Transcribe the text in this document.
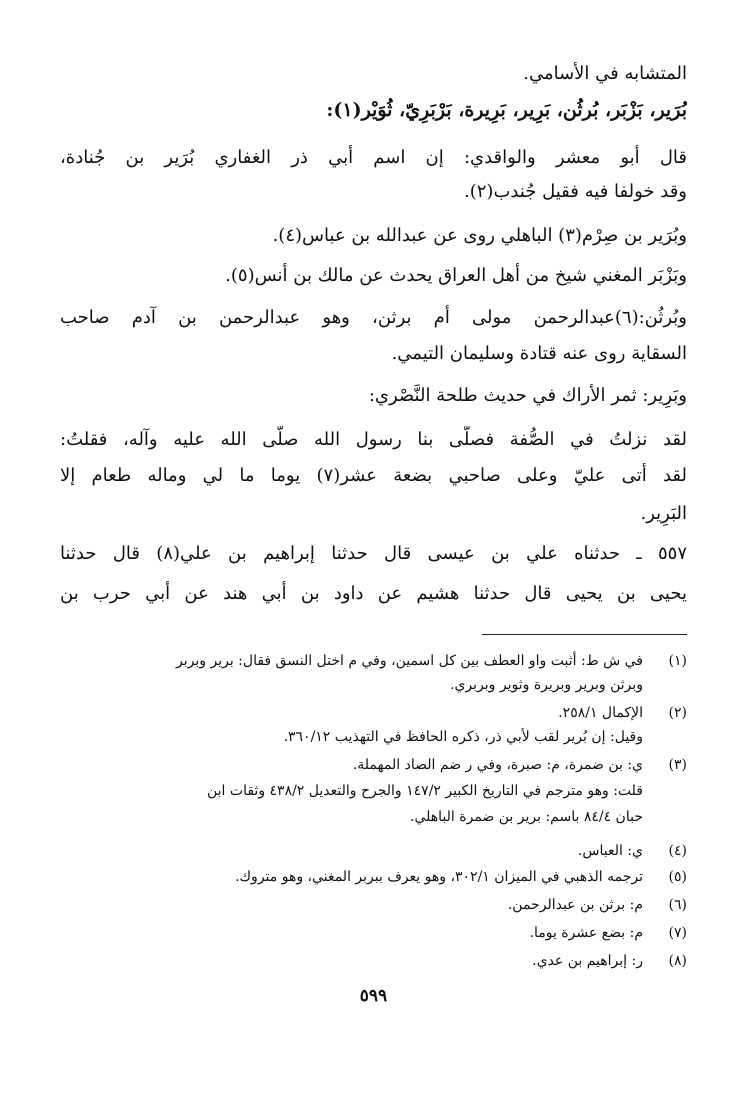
المتشابه في الأسامي.
بُرَير، بَزْبَر، بُرثُن، بَرِير، بَرِيرة، بَرْبَرِيّ، ثُوَيْر(١):
قال أبو معشر والواقدي: إن اسم أبي ذر الغفاري بُرَير بن جُنادة،
وقد خولفا فيه فقيل جُندب(٢).
وبُرَير بن صِرْم(٣) الباهلي روى عن عبدالله بن عباس(٤).
وبَزْبَر المغني شيخ من أهل العراق يحدث عن مالك بن أنس(٥).
وبُرثُن:(٦)عبدالرحمن مولى أم برثن، وهو عبدالرحمن بن آدم صاحب
السقاية روى عنه قتادة وسليمان التيمي.
وبَرِير: ثمر الأراك في حديث طلحة النَّصْري:
لقد نزلتُ في الصُّفة فصلَّى بنا رسول الله صلَّى الله عليه وآله، فقلتُ:
لقد أتى عليّ وعلى صاحبي بضعة عشر(٧) يوما ما لي وماله طعام إلا
البَرِير.
٥٥٧ ـ حدثناه علي بن عيسى قال حدثنا إبراهيم بن علي(٨) قال حدثنا
يحيى بن يحيى قال حدثنا هشيم عن داود بن أبي هند عن أبي حرب بن
(١)في ش ط: أثبت واو العطف بين كل اسمين، وفي م اختل النسق فقال: برير وبربر
وبرثن وبرير وبريرة وثوير وبربري.
(٢)الإكمال ٢٥٨/١.
وقيل: إن بُرير لقب لأبي ذر، ذكره الحافظ في التهذيب ٣٦٠/١٢.
(٣)ي: بن ضمرة، م: صبرة، وفي ر ضم الصاد المهملة.
قلت: وهو مترجم في التاريخ الكبير ١٤٧/٢ والجرح والتعديل ٤٣٨/٢ وثقات ابن
حبان ٨٤/٤ باسم: برير بن ضمرة الباهلي.
(٤)ي: العباس.
(٥)ترجمه الذهبي في الميزان ٣٠٢/١، وهو يعرف ببربر المغني، وهو متروك.
(٦)م: برثن بن عبدالرحمن.
(٧)م: بضع عشرة يوما.
(٨)ر: إبراهيم بن عدي.
٥٩٩
